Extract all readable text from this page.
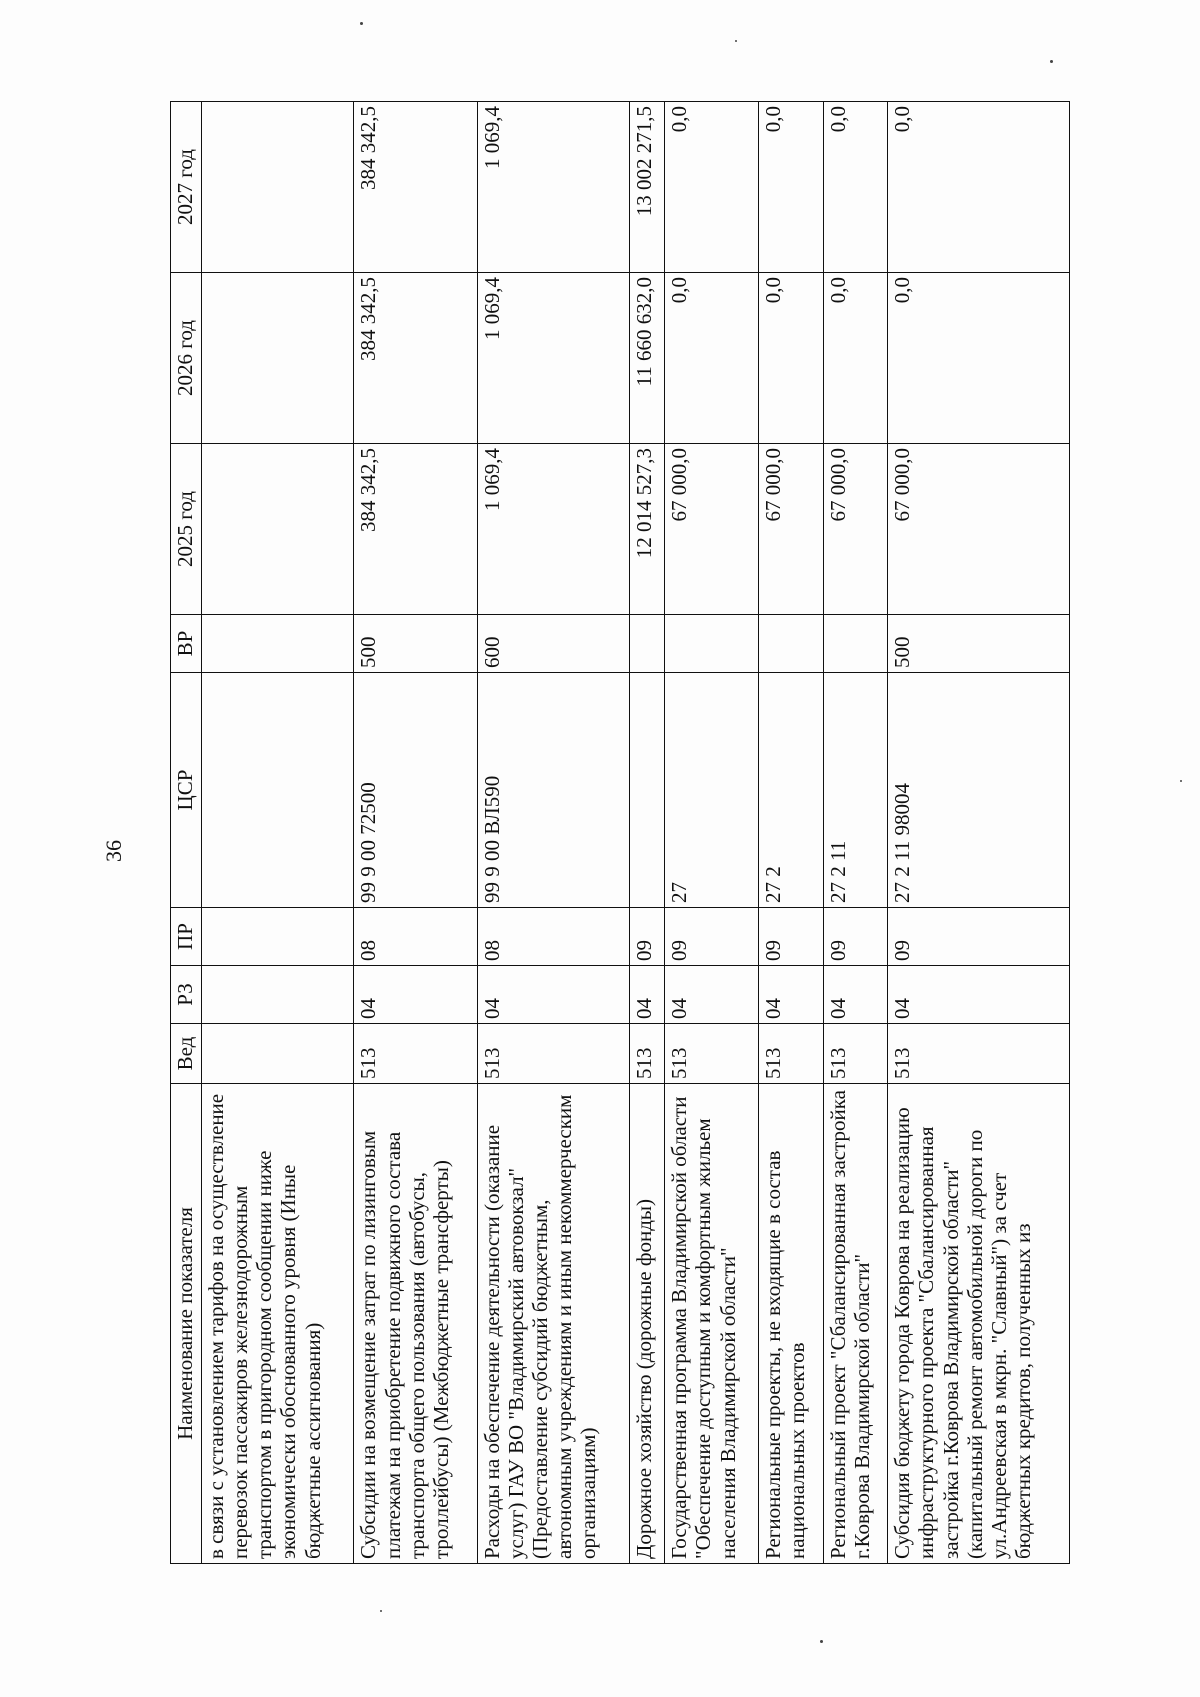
36
Наименование показателя	Вед	РЗ	ПР	ЦСР	ВР	2025 год	2026 год	2027 год
в связи с установлением тарифов на осуществление перевозок пассажиров железнодорожным транспортом в пригородном сообщении ниже экономически обоснованного уровня (Иные бюджетные ассигнования)								
Субсидии на возмещение затрат по лизинговым платежам на приобретение подвижного состава транспорта общего пользования (автобусы, троллейбусы) (Межбюджетные трансферты)	513	04	08	99 9 00 72500	500	384 342,5	384 342,5	384 342,5
Расходы на обеспечение деятельности (оказание услуг) ГАУ ВО "Владимирский автовокзал" (Предоставление субсидий бюджетным, автономным учреждениям и иным некоммерческим организациям)	513	04	08	99 9 00 ВЛ590	600	1 069,4	1 069,4	1 069,4
Дорожное хозяйство (дорожные фонды)	513	04	09			12 014 527,3	11 660 632,0	13 002 271,5
Государственная программа Владимирской области "Обеспечение доступным и комфортным жильем населения Владимирской области"	513	04	09	27		67 000,0	0,0	0,0
Региональные проекты, не входящие в состав национальных проектов	513	04	09	27 2		67 000,0	0,0	0,0
Региональный проект "Сбалансированная застройка г.Коврова Владимирской области"	513	04	09	27 2 11		67 000,0	0,0	0,0
Субсидия бюджету города Коврова на реализацию инфраструктурного проекта "Сбалансированная застройка г.Коврова Владимирской области" (капитальный ремонт автомобильной дороги по ул.Андреевская в мкрн. "Славный") за счет бюджетных кредитов, полученных из	513	04	09	27 2 11 98004	500	67 000,0	0,0	0,0
